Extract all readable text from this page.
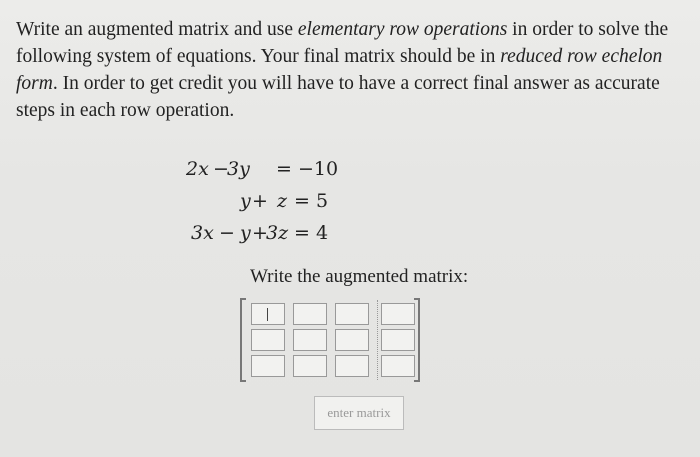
Write an augmented matrix and use elementary row operations in order to solve the following system of equations. Your final matrix should be in reduced row echelon form. In order to get credit you will have to have a correct final answer as accurate steps in each row operation.
2x −
3y = −10
y + z = 5
3x − y +
3z = 4
Write the augmented matrix:
enter matrix
